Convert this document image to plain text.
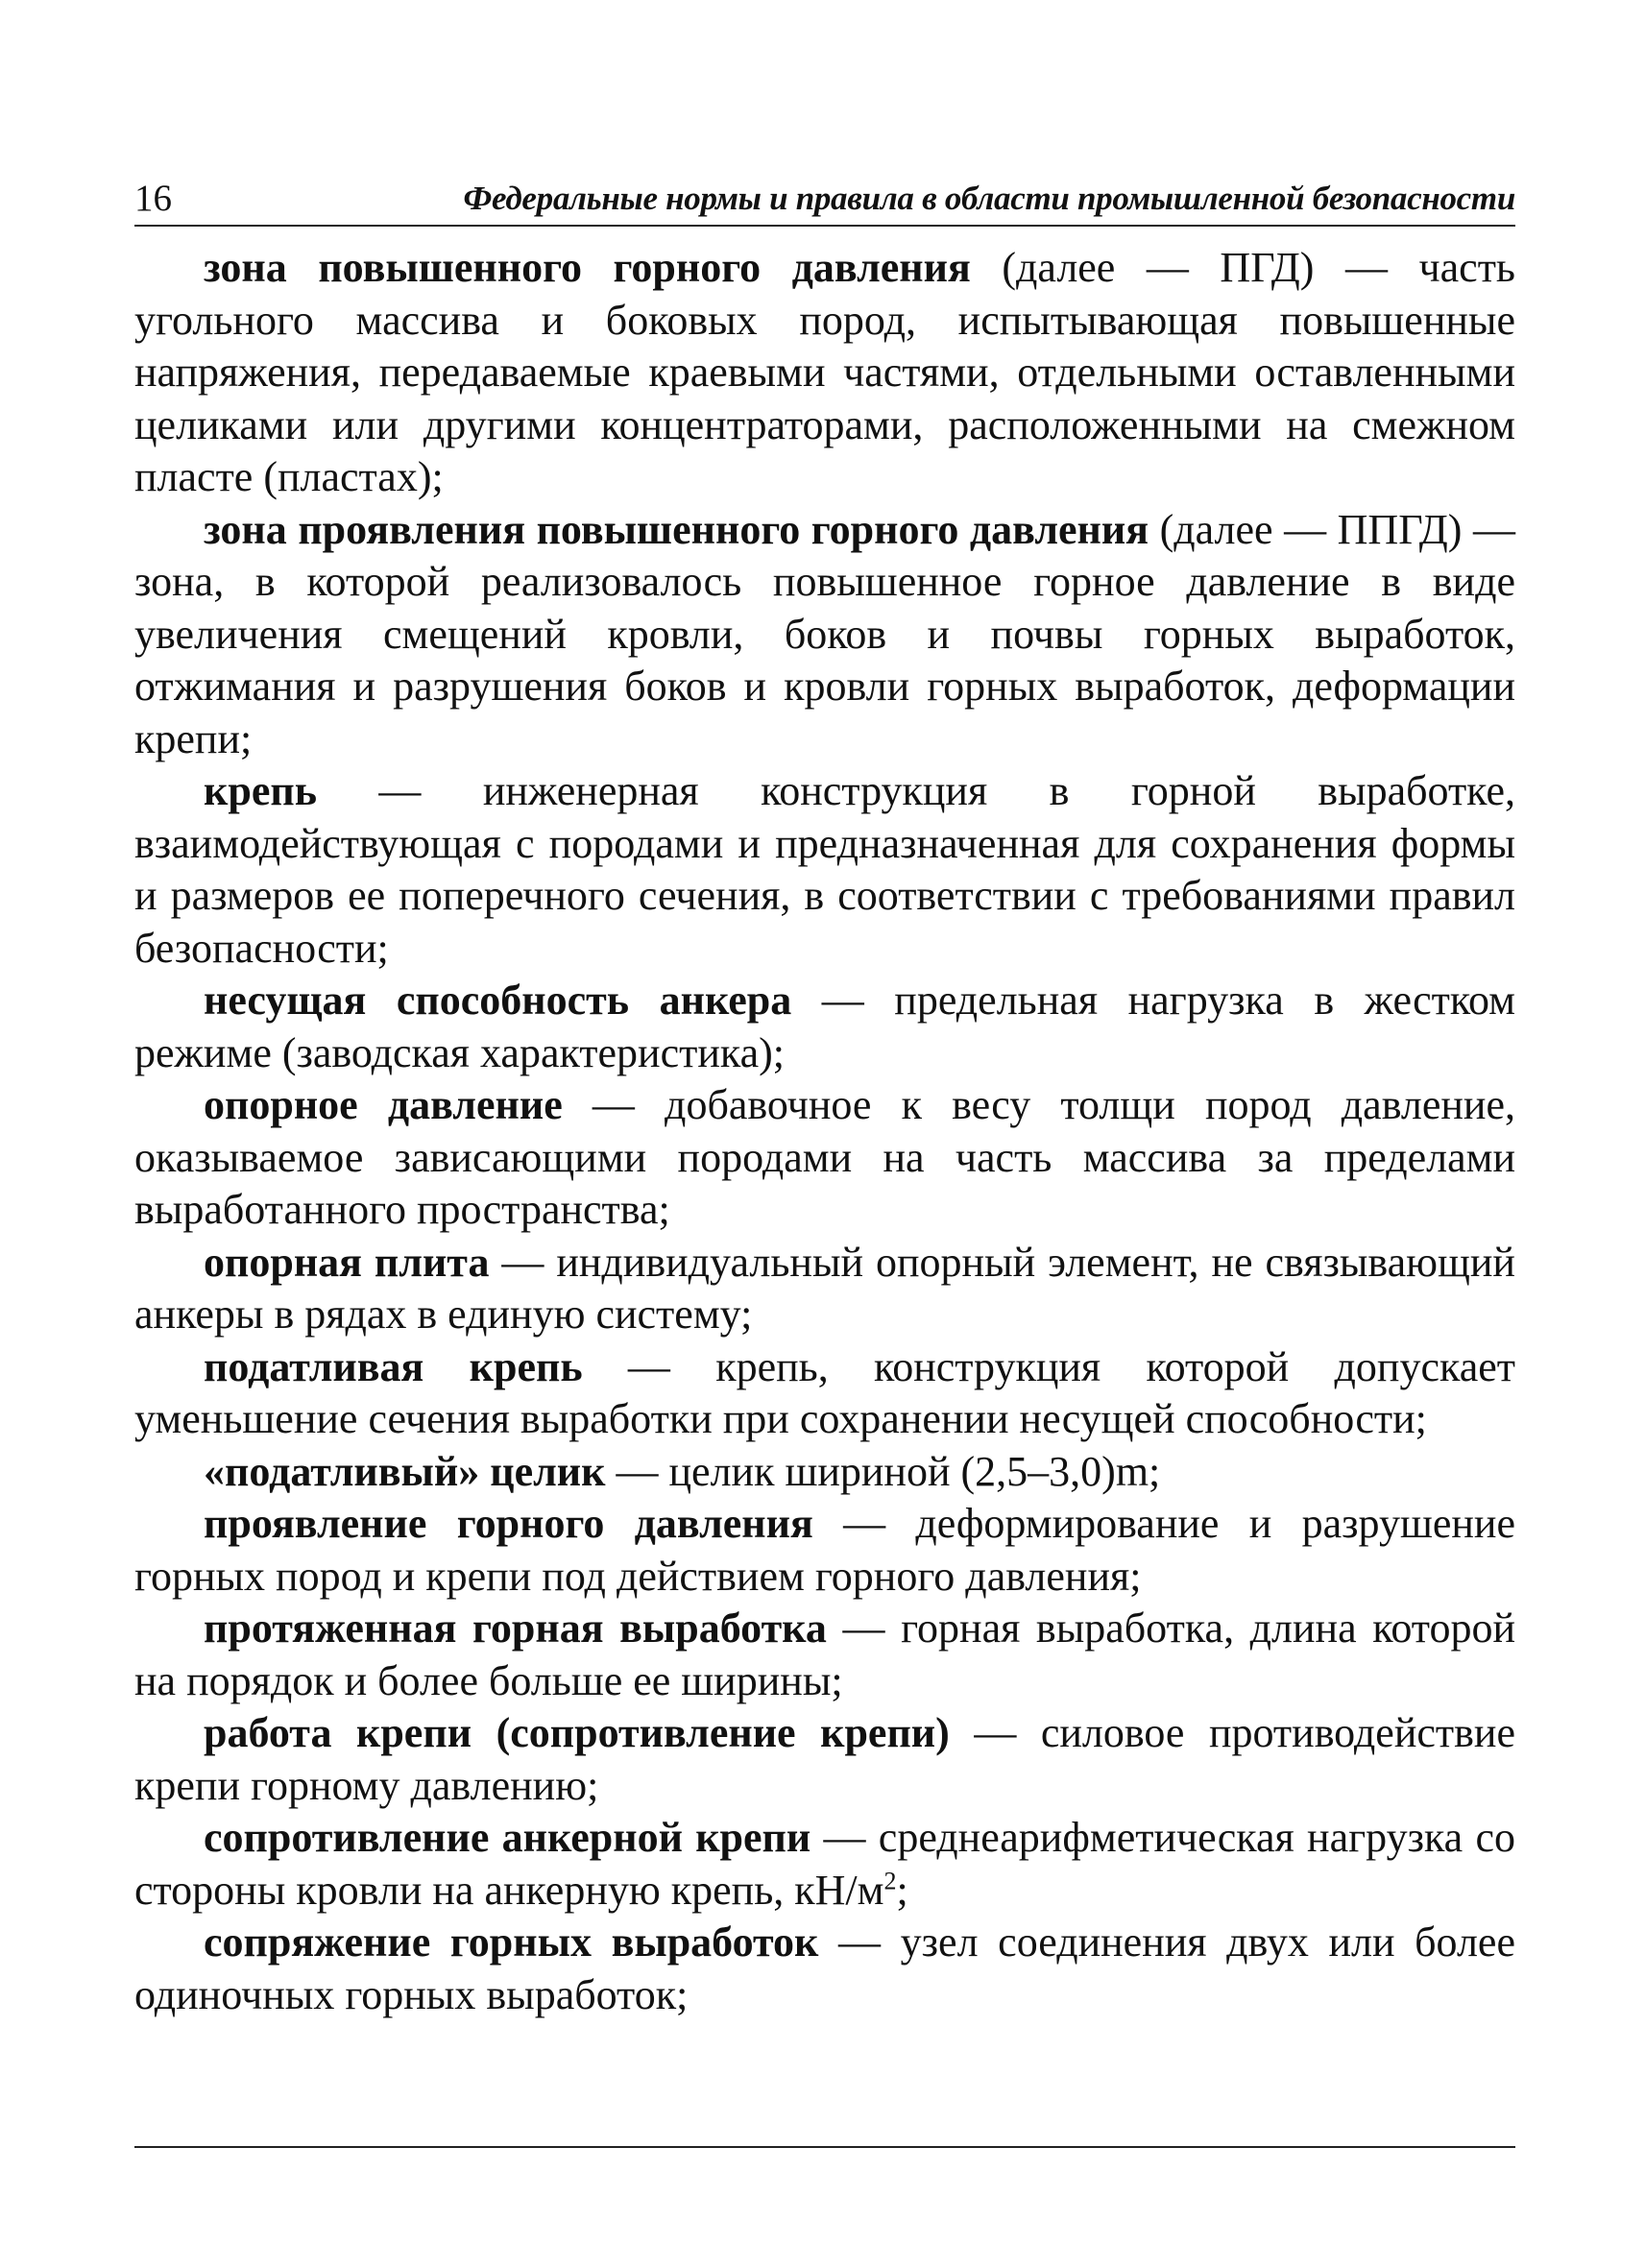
16	Федеральные нормы и правила в области промышленной безопасности

зона повышенного горного давления (далее — ПГД) — часть угольного массива и боковых пород, испытывающая повышенные напряжения, передаваемые краевыми частями, отдельными оставленными целиками или другими концентраторами, расположенными на смежном пласте (пластах);

зона проявления повышенного горного давления (далее — ППГД) — зона, в которой реализовалось повышенное горное давление в виде увеличения смещений кровли, боков и почвы горных выработок, отжимания и разрушения боков и кровли горных выработок, деформации крепи;

крепь — инженерная конструкция в горной выработке, взаимодействующая с породами и предназначенная для сохранения формы и размеров ее поперечного сечения, в соответствии с требованиями правил безопасности;

несущая способность анкера — предельная нагрузка в жестком режиме (заводская характеристика);

опорное давление — добавочное к весу толщи пород давление, оказываемое зависающими породами на часть массива за пределами выработанного пространства;

опорная плита — индивидуальный опорный элемент, не связывающий анкеры в рядах в единую систему;

податливая крепь — крепь, конструкция которой допускает уменьшение сечения выработки при сохранении несущей способности;

«податливый» целик — целик шириной (2,5–3,0)m;

проявление горного давления — деформирование и разрушение горных пород и крепи под действием горного давления;

протяженная горная выработка — горная выработка, длина которой на порядок и более больше ее ширины;

работа крепи (сопротивление крепи) — силовое противодействие крепи горному давлению;

сопротивление анкерной крепи — среднеарифметическая нагрузка со стороны кровли на анкерную крепь, $кН/м^2$;

сопряжение горных выработок — узел соединения двух или более одиночных горных выработок;
